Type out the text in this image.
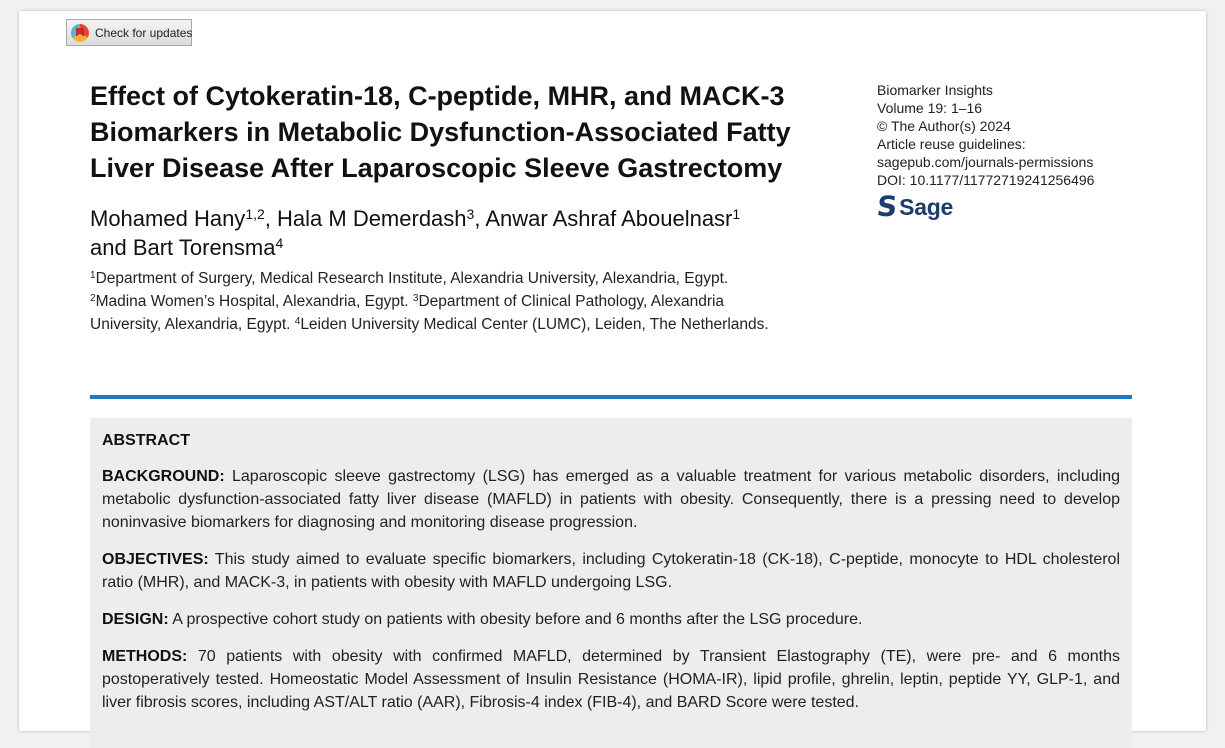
Check for updates
Effect of Cytokeratin-18, C-peptide, MHR, and MACK-3 Biomarkers in Metabolic Dysfunction-Associated Fatty Liver Disease After Laparoscopic Sleeve Gastrectomy
Mohamed Hany$^{1,2}$, Hala M Demerdash$^3$, Anwar Ashraf Abouelnasr$^1$
and Bart Torensma$^4$
$^1$Department of Surgery, Medical Research Institute, Alexandria University, Alexandria, Egypt.
$^2$Madina Women’s Hospital, Alexandria, Egypt. $^3$Department of Clinical Pathology, Alexandria University, Alexandria, Egypt. $^4$Leiden University Medical Center (LUMC), Leiden, The Netherlands.
Biomarker Insights
Volume 19: 1–16
© The Author(s) 2024
Article reuse guidelines:
sagepub.com/journals-permissions
DOI: 10.1177/11772719241256496
S Sage
ABSTRACT

BACKGROUND: Laparoscopic sleeve gastrectomy (LSG) has emerged as a valuable treatment for various metabolic disorders, including metabolic dysfunction-associated fatty liver disease (MAFLD) in patients with obesity. Consequently, there is a pressing need to develop noninvasive biomarkers for diagnosing and monitoring disease progression.

OBJECTIVES: This study aimed to evaluate specific biomarkers, including Cytokeratin-18 (CK-18), C-peptide, monocyte to HDL cholesterol ratio (MHR), and MACK-3, in patients with obesity with MAFLD undergoing LSG.

DESIGN: A prospective cohort study on patients with obesity before and 6 months after the LSG procedure.

METHODS: 70 patients with obesity with confirmed MAFLD, determined by Transient Elastography (TE), were pre- and 6 months postoperatively tested. Homeostatic Model Assessment of Insulin Resistance (HOMA-IR), lipid profile, ghrelin, leptin, peptide YY, GLP-1, and liver fibrosis scores, including AST/ALT ratio (AAR), Fibrosis-4 index (FIB-4), and BARD Score were tested.
